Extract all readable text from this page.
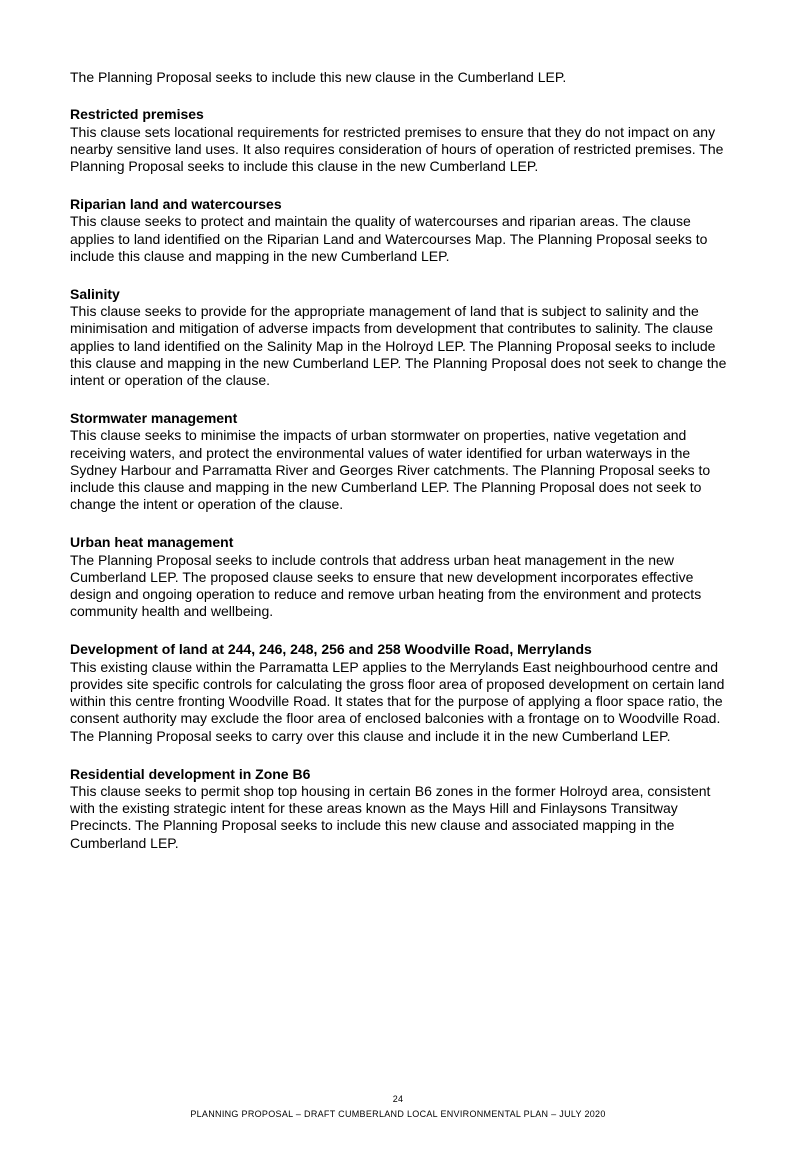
The Planning Proposal seeks to include this new clause in the Cumberland LEP.

Restricted premises

This clause sets locational requirements for restricted premises to ensure that they do not impact on any nearby sensitive land uses. It also requires consideration of hours of operation of restricted premises. The Planning Proposal seeks to include this clause in the new Cumberland LEP.

Riparian land and watercourses

This clause seeks to protect and maintain the quality of watercourses and riparian areas. The clause applies to land identified on the Riparian Land and Watercourses Map. The Planning Proposal seeks to include this clause and mapping in the new Cumberland LEP.

Salinity

This clause seeks to provide for the appropriate management of land that is subject to salinity and the minimisation and mitigation of adverse impacts from development that contributes to salinity. The clause applies to land identified on the Salinity Map in the Holroyd LEP. The Planning Proposal seeks to include this clause and mapping in the new Cumberland LEP. The Planning Proposal does not seek to change the intent or operation of the clause.

Stormwater management

This clause seeks to minimise the impacts of urban stormwater on properties, native vegetation and receiving waters, and protect the environmental values of water identified for urban waterways in the Sydney Harbour and Parramatta River and Georges River catchments. The Planning Proposal seeks to include this clause and mapping in the new Cumberland LEP. The Planning Proposal does not seek to change the intent or operation of the clause.

Urban heat management

The Planning Proposal seeks to include controls that address urban heat management in the new Cumberland LEP. The proposed clause seeks to ensure that new development incorporates effective design and ongoing operation to reduce and remove urban heating from the environment and protects community health and wellbeing.

Development of land at 244, 246, 248, 256 and 258 Woodville Road, Merrylands

This existing clause within the Parramatta LEP applies to the Merrylands East neighbourhood centre and provides site specific controls for calculating the gross floor area of proposed development on certain land within this centre fronting Woodville Road. It states that for the purpose of applying a floor space ratio, the consent authority may exclude the floor area of enclosed balconies with a frontage on to Woodville Road. The Planning Proposal seeks to carry over this clause and include it in the new Cumberland LEP.

Residential development in Zone B6

This clause seeks to permit shop top housing in certain B6 zones in the former Holroyd area, consistent with the existing strategic intent for these areas known as the Mays Hill and Finlaysons Transitway Precincts. The Planning Proposal seeks to include this new clause and associated mapping in the Cumberland LEP.

24
PLANNING PROPOSAL – DRAFT CUMBERLAND LOCAL ENVIRONMENTAL PLAN – JULY 2020
